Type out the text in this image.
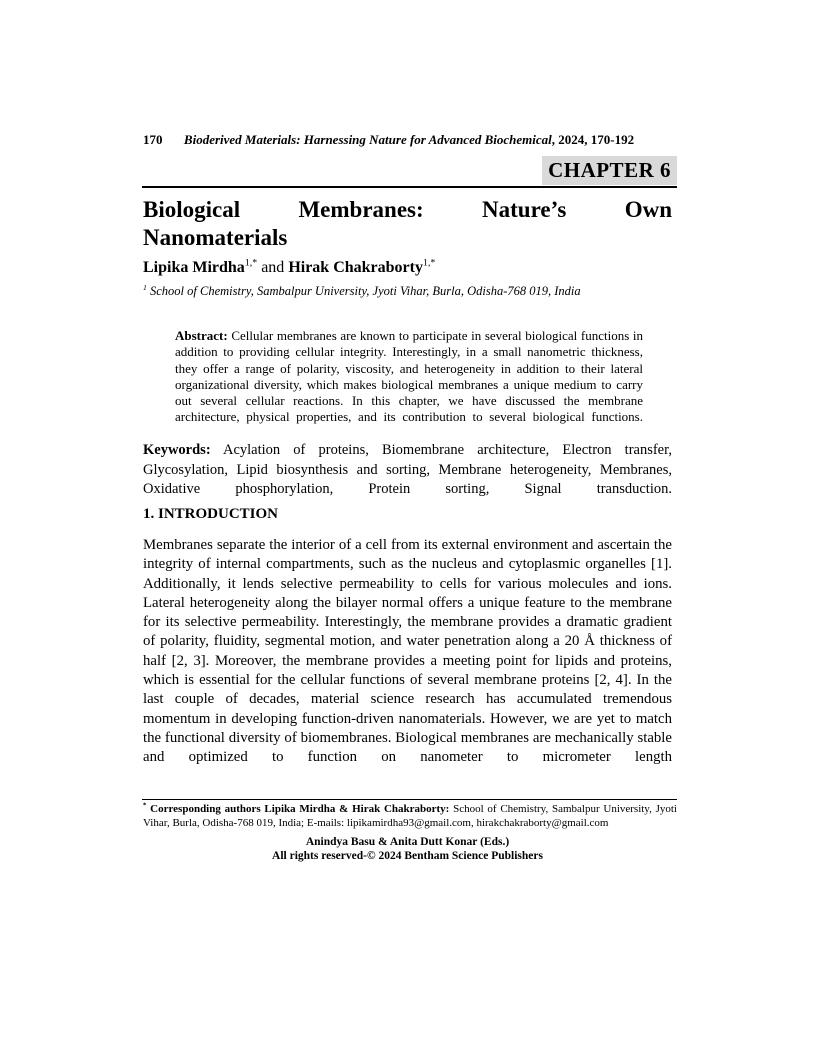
170 Bioderived Materials: Harnessing Nature for Advanced Biochemical, 2024, 170-192
CHAPTER 6
Biological Membranes: Nature’s Own
Nanomaterials
Lipika Mirdha$^{1,*}$ and Hirak Chakraborty$^{1,*}$
$^1$ School of Chemistry, Sambalpur University, Jyoti Vihar, Burla, Odisha-768 019, India
Abstract: Cellular membranes are known to participate in several biological functions in addition to providing cellular integrity. Interestingly, in a small nanometric thickness, they offer a range of polarity, viscosity, and heterogeneity in addition to their lateral organizational diversity, which makes biological membranes a unique medium to carry out several cellular reactions. In this chapter, we have discussed the membrane architecture, physical properties, and its contribution to several biological functions.
Keywords: Acylation of proteins, Biomembrane architecture, Electron transfer, Glycosylation, Lipid biosynthesis and sorting, Membrane heterogeneity, Membranes, Oxidative phosphorylation, Protein sorting, Signal transduction.
1. INTRODUCTION
Membranes separate the interior of a cell from its external environment and ascertain the integrity of internal compartments, such as the nucleus and cytoplasmic organelles [1]. Additionally, it lends selective permeability to cells for various molecules and ions. Lateral heterogeneity along the bilayer normal offers a unique feature to the membrane for its selective permeability. Interestingly, the membrane provides a dramatic gradient of polarity, fluidity, segmental motion, and water penetration along a 20 Å thickness of half [2, 3]. Moreover, the membrane provides a meeting point for lipids and proteins, which is essential for the cellular functions of several membrane proteins [2, 4]. In the last couple of decades, material science research has accumulated tremendous momentum in developing function-driven nanomaterials. However, we are yet to match the functional diversity of biomembranes. Biological membranes are mechanically stable and optimized to function on nanometer to micrometer length
* Corresponding authors Lipika Mirdha & Hirak Chakraborty: School of Chemistry, Sambalpur University, Jyoti Vihar, Burla, Odisha-768 019, India; E-mails: lipikamirdha93@gmail.com, hirakchakraborty@gmail.com
Anindya Basu & Anita Dutt Konar (Eds.)
All rights reserved-© 2024 Bentham Science Publishers
